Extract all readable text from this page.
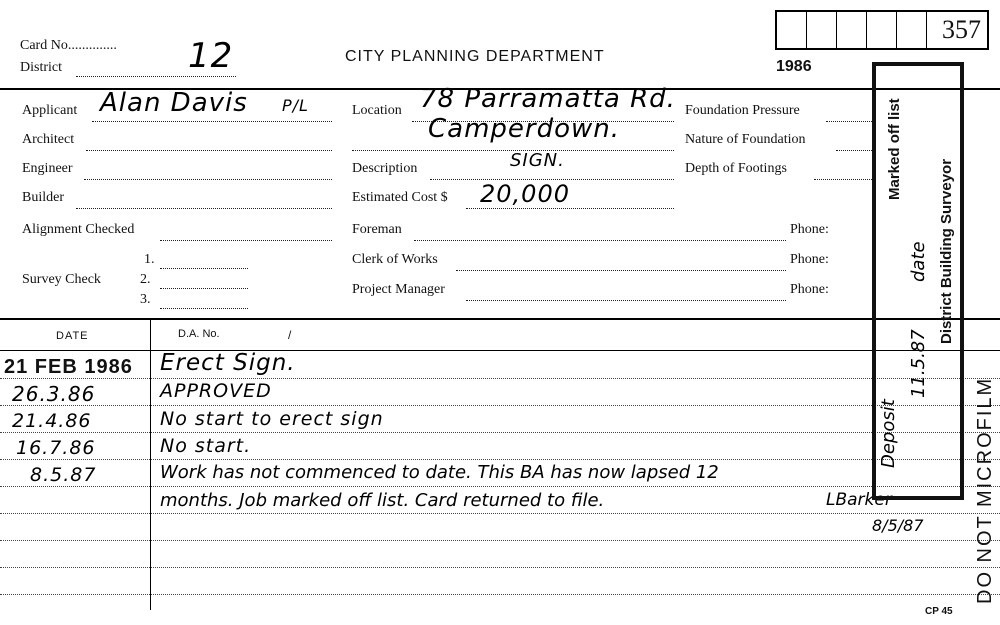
Card No..............
District	12	CITY PLANNING DEPARTMENT
1986
357
Applicant Alan Davis P/L
Architect
Engineer
Builder
Alignment Checked
Survey Check
1.
2.
3.
Location 78 Parramatta Rd.
Camperdown.
Description	SIGN.
Estimated Cost $ 20,000
Foreman
Clerk of Works
Project Manager
Foundation Pressure
Nature of Foundation
Depth of Footings
Phone:
Phone:
Phone:
DATE	D.A. No.	/
21 FEB 1986 Erect Sign.
26.3.86	APPROVED
21.4.86	No start to erect sign
16.7.86	No start.
8.5.87	Work has not commenced to date. This BA has now lapsed 12
months. Job marked off list. Card returned to file.	LBarker
8/5/87
Marked off list
District Building Surveyor
date
11.5.87
Deposit	DO NOT MICROFILM
CP 45
